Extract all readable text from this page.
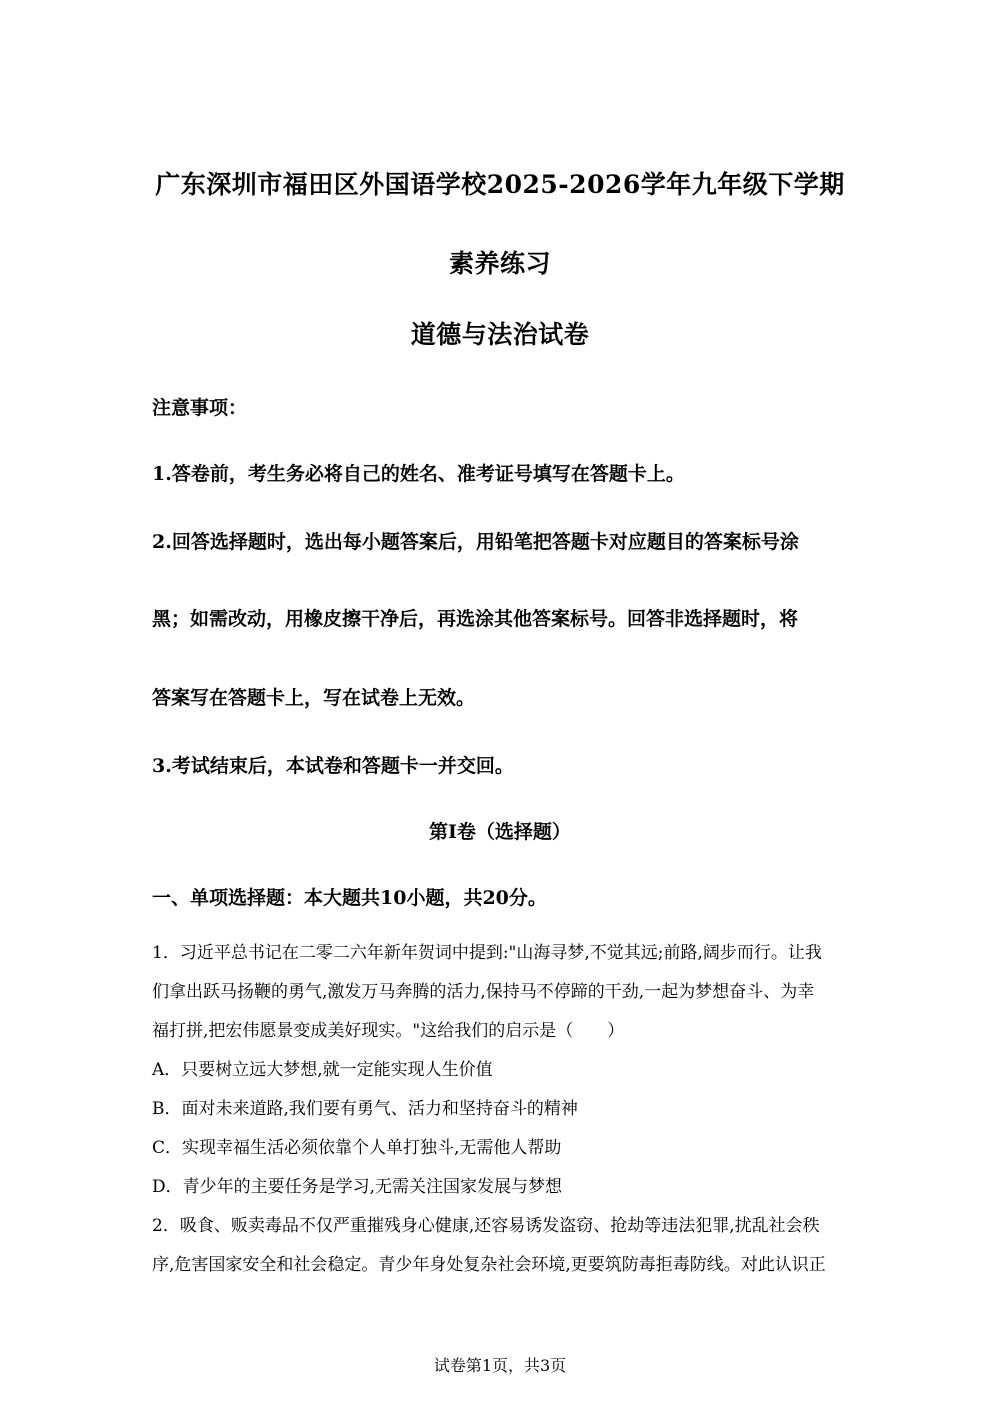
广东深圳市福田区外国语学校2025-2026学年九年级下学期
素养练习
道德与法治试卷
注意事项：
1.答卷前，考生务必将自己的姓名、准考证号填写在答题卡上。
2.回答选择题时，选出每小题答案后，用铅笔把答题卡对应题目的答案标号涂
黑；如需改动，用橡皮擦干净后，再选涂其他答案标号。回答非选择题时，将
答案写在答题卡上，写在试卷上无效。
3.考试结束后，本试卷和答题卡一并交回。
第I卷（选择题）
一、单项选择题：本大题共10小题，共20分。
1．习近平总书记在二零二六年新年贺词中提到:"山海寻梦,不觉其远;前路,阔步而行。让我
们拿出跃马扬鞭的勇气,激发万马奔腾的活力,保持马不停蹄的干劲,一起为梦想奋斗、为幸
福打拼,把宏伟愿景变成美好现实。"这给我们的启示是（　　）
A．只要树立远大梦想,就一定能实现人生价值
B．面对未来道路,我们要有勇气、活力和坚持奋斗的精神
C．实现幸福生活必须依靠个人单打独斗,无需他人帮助
D．青少年的主要任务是学习,无需关注国家发展与梦想
2．吸食、贩卖毒品不仅严重摧残身心健康,还容易诱发盗窃、抢劫等违法犯罪,扰乱社会秩
序,危害国家安全和社会稳定。青少年身处复杂社会环境,更要筑防毒拒毒防线。对此认识正
试卷第1页，共3页
